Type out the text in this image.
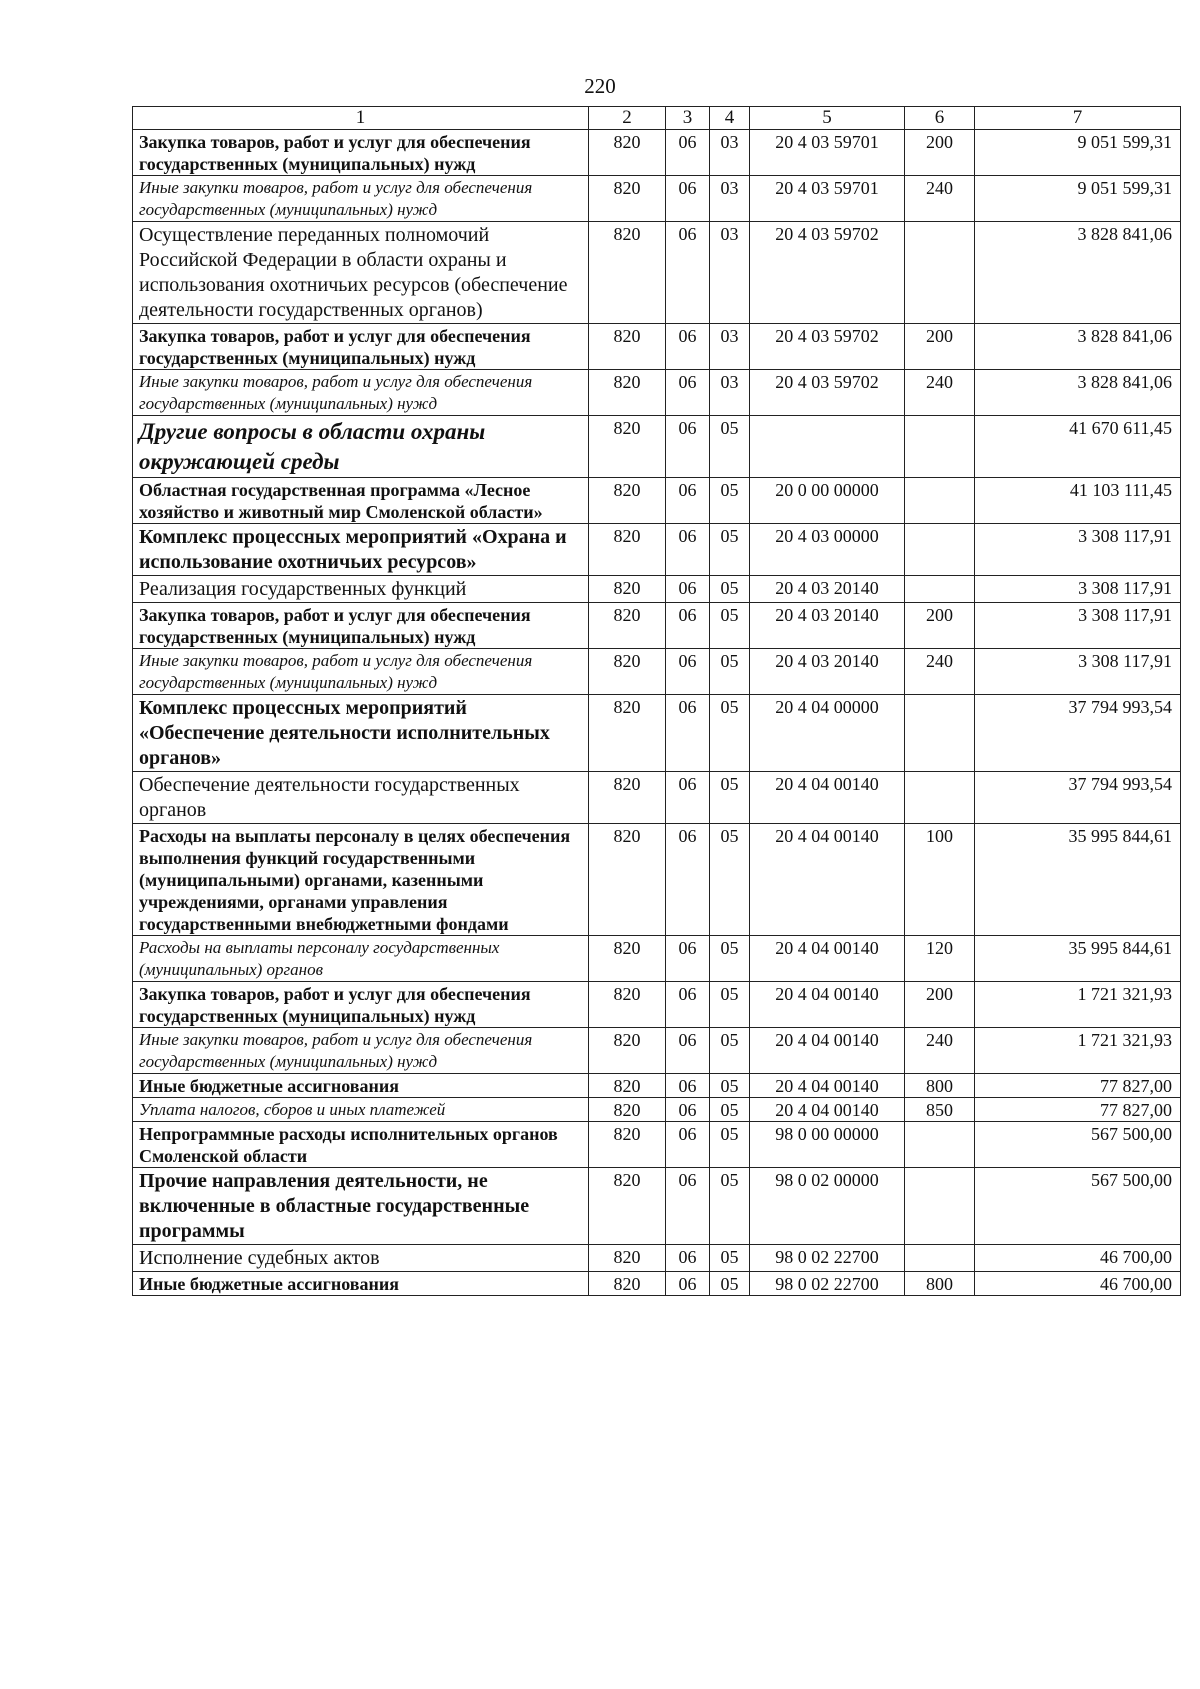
220
1	2	3	4	5	6	7
Закупка товаров, работ и услуг для обеспечения государственных (муниципальных) нужд	820	06	03	20 4 03 59701	200	9 051 599,31
Иные закупки товаров, работ и услуг для обеспечения государственных (муниципальных) нужд	820	06	03	20 4 03 59701	240	9 051 599,31
Осуществление переданных полномочий Российской Федерации в области охраны и использования охотничьих ресурсов (обеспечение деятельности государственных органов)	820	06	03	20 4 03 59702		3 828 841,06
Закупка товаров, работ и услуг для обеспечения государственных (муниципальных) нужд	820	06	03	20 4 03 59702	200	3 828 841,06
Иные закупки товаров, работ и услуг для обеспечения государственных (муниципальных) нужд	820	06	03	20 4 03 59702	240	3 828 841,06
Другие вопросы в области охраны окружающей среды	820	06	05			41 670 611,45
Областная государственная программа «Лесное хозяйство и животный мир Смоленской области»	820	06	05	20 0 00 00000		41 103 111,45
Комплекс процессных мероприятий «Охрана и использование охотничьих ресурсов»	820	06	05	20 4 03 00000		3 308 117,91
Реализация государственных функций	820	06	05	20 4 03 20140		3 308 117,91
Закупка товаров, работ и услуг для обеспечения государственных (муниципальных) нужд	820	06	05	20 4 03 20140	200	3 308 117,91
Иные закупки товаров, работ и услуг для обеспечения государственных (муниципальных) нужд	820	06	05	20 4 03 20140	240	3 308 117,91
Комплекс процессных мероприятий «Обеспечение деятельности исполнительных органов»	820	06	05	20 4 04 00000		37 794 993,54
Обеспечение деятельности государственных органов	820	06	05	20 4 04 00140		37 794 993,54
Расходы на выплаты персоналу в целях обеспечения выполнения функций государственными (муниципальными) органами, казенными учреждениями, органами управления государственными внебюджетными фондами	820	06	05	20 4 04 00140	100	35 995 844,61
Расходы на выплаты персоналу государственных (муниципальных) органов	820	06	05	20 4 04 00140	120	35 995 844,61
Закупка товаров, работ и услуг для обеспечения государственных (муниципальных) нужд	820	06	05	20 4 04 00140	200	1 721 321,93
Иные закупки товаров, работ и услуг для обеспечения государственных (муниципальных) нужд	820	06	05	20 4 04 00140	240	1 721 321,93
Иные бюджетные ассигнования	820	06	05	20 4 04 00140	800	77 827,00
Уплата налогов, сборов и иных платежей	820	06	05	20 4 04 00140	850	77 827,00
Непрограммные расходы исполнительных органов Смоленской области	820	06	05	98 0 00 00000		567 500,00
Прочие направления деятельности, не включенные в областные государственные программы	820	06	05	98 0 02 00000		567 500,00
Исполнение судебных актов	820	06	05	98 0 02 22700		46 700,00
Иные бюджетные ассигнования	820	06	05	98 0 02 22700	800	46 700,00
